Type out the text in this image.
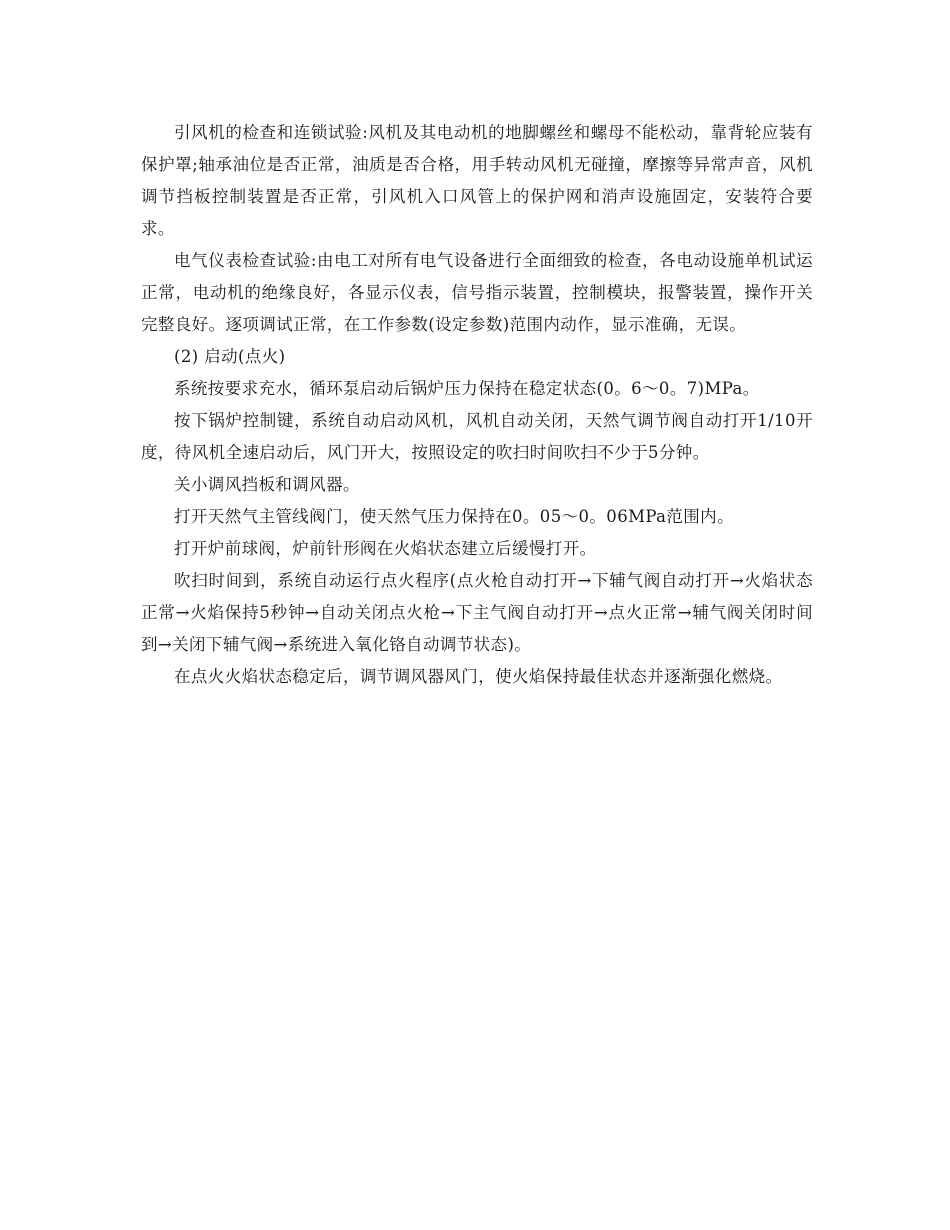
引风机的检查和连锁试验:风机及其电动机的地脚螺丝和螺母不能松动，靠背轮应装有保护罩;轴承油位是否正常，油质是否合格，用手转动风机无碰撞，摩擦等异常声音，风机调节挡板控制装置是否正常，引风机入口风管上的保护网和消声设施固定，安装符合要求。

电气仪表检查试验:由电工对所有电气设备进行全面细致的检查，各电动设施单机试运正常，电动机的绝缘良好，各显示仪表，信号指示装置，控制模块，报警装置，操作开关完整良好。逐项调试正常，在工作参数(设定参数)范围内动作，显示准确，无误。

(2) 启动(点火)

系统按要求充水，循环泵启动后锅炉压力保持在稳定状态(0。6～0。7)MPa。

按下锅炉控制键，系统自动启动风机，风机自动关闭，天然气调节阀自动打开1/10开度，待风机全速启动后，风门开大，按照设定的吹扫时间吹扫不少于5分钟。

关小调风挡板和调风器。

打开天然气主管线阀门，使天然气压力保持在0。05～0。06MPa范围内。

打开炉前球阀，炉前针形阀在火焰状态建立后缓慢打开。

吹扫时间到，系统自动运行点火程序(点火枪自动打开→下辅气阀自动打开→火焰状态正常→火焰保持5秒钟→自动关闭点火枪→下主气阀自动打开→点火正常→辅气阀关闭时间到→关闭下辅气阀→系统进入氧化铬自动调节状态)。

在点火火焰状态稳定后，调节调风器风门，使火焰保持最佳状态并逐渐强化燃烧。
